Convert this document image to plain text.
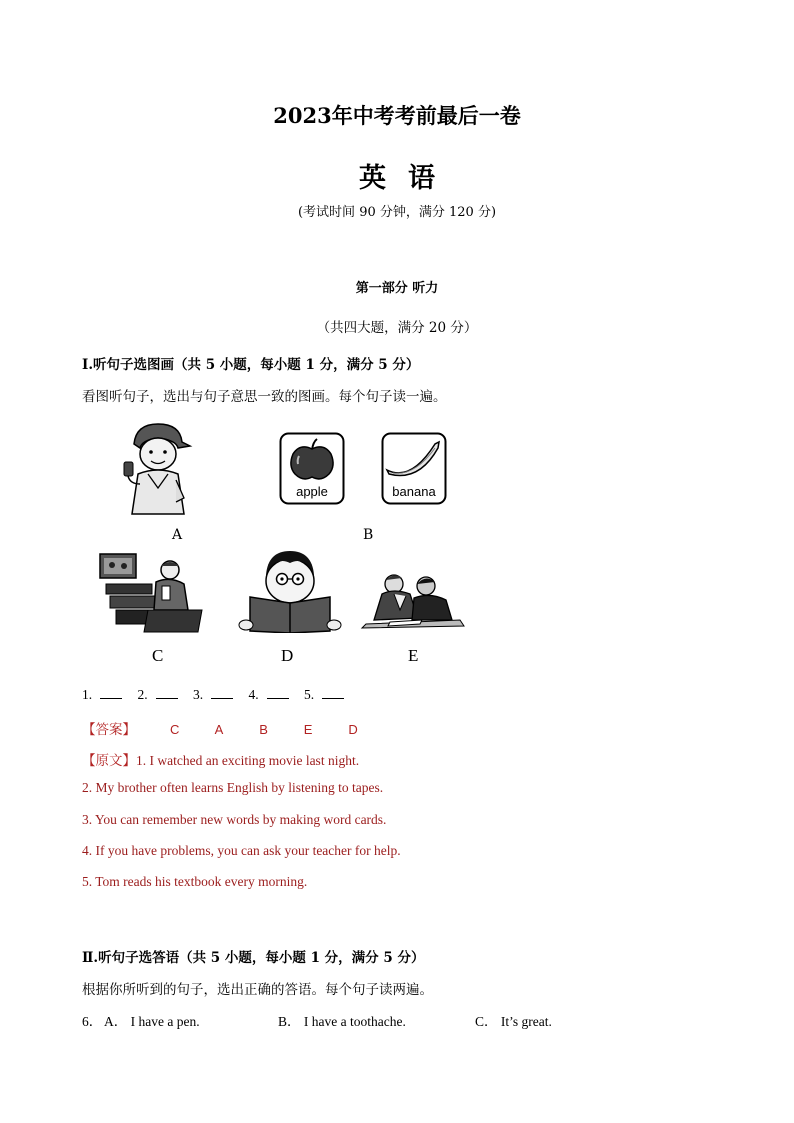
2023年中考考前最后一卷
英语
(考试时间 90 分钟，满分 120 分)
第一部分 听力
（共四大题，满分 20 分）
Ⅰ.听句子选图画（共 5 小题，每小题 1 分，满分 5 分）
看图听句子，选出与句子意思一致的图画。每个句子读一遍。
apple	banana
A	B
C	D	E
1.	2.	3.	4.	5.
【答案】	C	A	B	E	D
【原文】1. I watched an exciting movie last night.
2. My brother often learns English by listening to tapes.
3. You can remember new words by making word cards.
4. If you have problems, you can ask your teacher for help.
5. Tom reads his textbook every morning.
Ⅱ.听句子选答语（共 5 小题，每小题 1 分，满分 5 分）
根据你所听到的句子，选出正确的答语。每个句子读两遍。
6． A． I have a pen.	B． I have a toothache.	C． It’s great.
